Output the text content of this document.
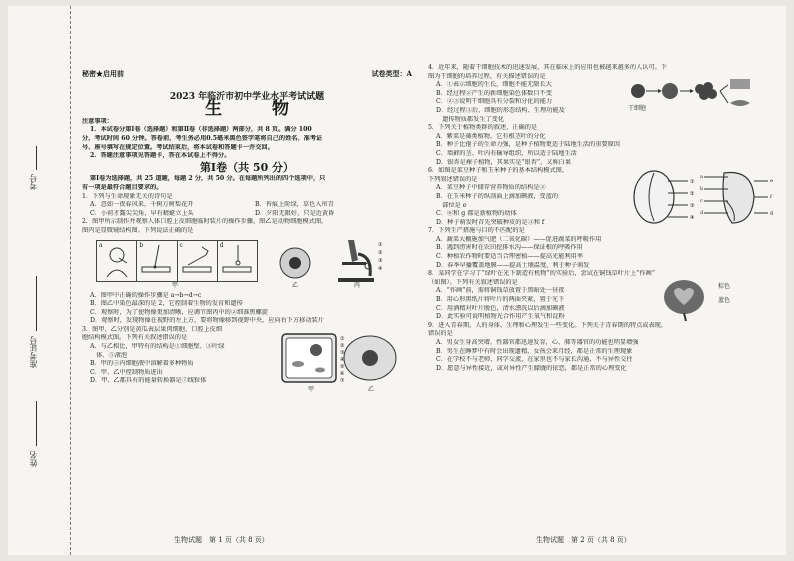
考号
准考证号
姓名
秘密★启用前	试卷类型：A
2023 年临沂市初中学业水平考试试题
生 物
注意事项：
1．本试卷分第Ⅰ卷（选择题）和第Ⅱ卷（非选择题）两部分，共 8 页。满分 100
分，考试时间 60 分钟。答卷前，考生务必用0.5毫米黑色签字笔将自己的姓名、准考证
号、座号填写在规定位置。考试结束后，将本试卷和答题卡一并交回。
2．答题注意事项见答题卡，答在本试卷上不得分。
第Ⅰ卷（共 50 分）
第Ⅰ卷为选择题，共 25 道题，每题 2 分，共 50 分。在每题所列出的四个选项中，只
有一项是最符合题目要求的。
1．下列与生命现象无关的诗句是
A．忽如一夜春风来，千树万树梨花开	B．苔痕上阶绿，草色入帘青
C．小荷才露尖尖角，早有蜻蜓立上头	D．夕阳无限好，只是近黄昏
2．图甲所示制作并观察人体口腔上皮细胞临时装片的操作步骤，图乙是动物细胞模式图，
图丙是显微镜结构图。下列说法正确的是
a	b	c	d
甲	乙
①
②
③
④
丙
A．图甲中正确的操作步骤是 a→b→d→c
B．图乙中染色最深的是 2，它控制着生物的发育和遗传
C．观察时，为了使物像更加清晰，应调节图丙中的②细准焦螺旋
D．观察时，发现物像在视野的左上方，要将物像移到视野中央，应向右下方移动装片
3．图甲、乙分别是黄瓜表层果肉细胞、口腔上皮细
胞结构模式图。下列有关叙述错误的是
A．与乙相比，甲特有的结构是①细胞壁、③叶绿
　体、⑤液泡
B．甲的⑤内细胞液中溶解着多种物质
C．甲、乙中控制物质进出
D．甲、乙都具有的能量转换器是⑦线粒体
①
②
③
④
⑤
⑥
⑦
甲	乙
生物试题　第 1 页（共 8 页）
4．近年来，随着干细胞技术的迅速发展，其在临床上的应用也被越来越多的人认可。下
图为干细胞的培养过程，有关描述错误的是
A．①表示细胞的生长，细胞不能无限长大
B．经过程②产生的新细胞染色体数目不变
C．②③说明干细胞具有分裂和分化的能力
D．经过程③后，细胞的形态结构、生理功能及
　遗传物质都发生了变化
干细胞
5．下列关于植物类群的叙述，正确的是
A．紫菜是藻类植物，它有根茎叶的分化
B．种子比孢子的生命力强，是种子植物更适于陆地生活的重要原因
C．墙藓的茎、叶内有输导组织，所以适于陆地生活
D．银杏是裸子植物，其果实是“银杏”，又称白果
6．如图是菜豆种子和玉米种子的基本结构模式图，
下列叙述错误的是
A．菜豆种子中储存营养物质的结构是②
B．在玉米种子的纵剖面上滴加碘液，变蓝的
　部位是 e
C．⑥和 g 都是新植物的幼体
D．种子萌发时首先突破种皮的是③和 f
①
②
③
④
a
b
c
d
e
f
g
7．下列生产措施与目的不匹配的是
A．蔬菜大棚施加气肥（二氧化碳）——促进蔬菜的呼吸作用
B．遇到涝害时在农田挖排水沟——保证根的呼吸作用
C．种植农作物时要适当合理密植——提高光能利用率
D．春季早播覆盖地膜——提高土壤温度，利于种子萌发
8．某同学在学习了“绿叶在光下制造有机物”的实验后，尝试在铜钱草叶片上“作画”
（如图）。下列有关叙述错误的是
A．“作画”前，需将铜钱草放置于黑暗处一昼夜
B．用心形黑纸片将叶片的两面夹紧，置于光下
C．用酒精对叶片脱色，清水漂洗以后滴加碘液
D．此实验可说明植物光合作用产生氧气和淀粉
棕色
蓝色
9．进入青春期，人的身体、生理和心理发生一些变化。下列关于青春期的特点或表现，
错误的是
A．男女生身高突增，性器官都迅速发育，心、肺等器官的功能也明显增强
B．男生在睡梦中有时会出现遗精，女孩会来月经，都是正常的生理现象
C．在学校不与老师、同学交流，在家里也不与家长沟通，不与异性交往
D．愿意与异性接近，或对异性产生朦胧的依恋，都是正常的心理变化
生物试题　第 2 页（共 8 页）
